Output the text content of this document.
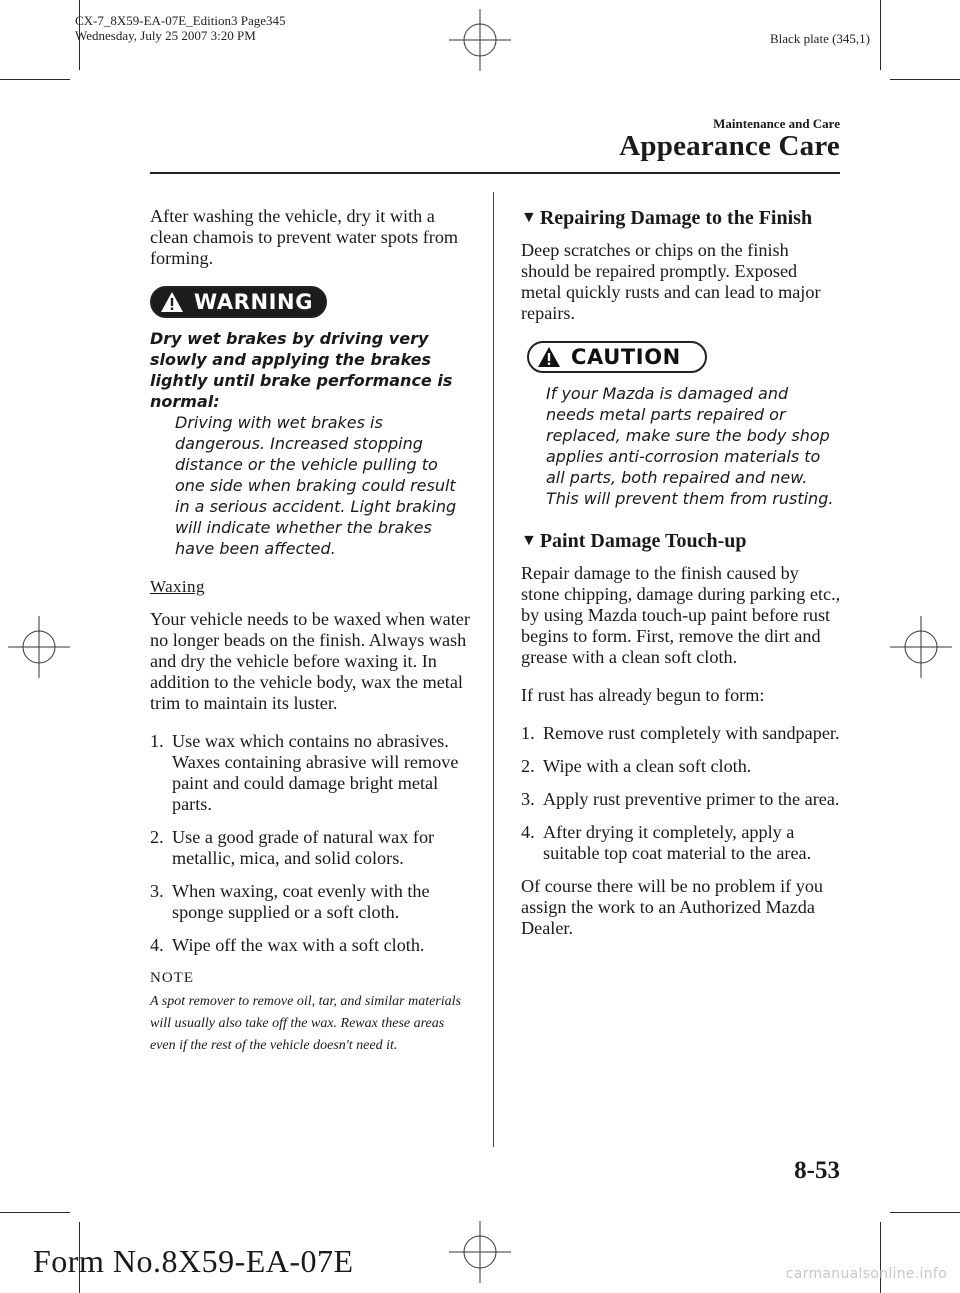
CX-7_8X59-EA-07E_Edition3 Page345
Wednesday, July 25 2007 3:20 PM	Black plate (345,1)
Maintenance and Care
Appearance Care

After washing the vehicle, dry it with a clean chamois to prevent water spots from forming.

WARNING

Dry wet brakes by driving very slowly and applying the brakes lightly until brake performance is normal:

Driving with wet brakes is dangerous. Increased stopping distance or the vehicle pulling to one side when braking could result in a serious accident. Light braking will indicate whether the brakes have been affected.

Waxing

Your vehicle needs to be waxed when water no longer beads on the finish. Always wash and dry the vehicle before waxing it. In addition to the vehicle body, wax the metal trim to maintain its luster.

1. Use wax which contains no abrasives. Waxes containing abrasive will remove paint and could damage bright metal parts.
2. Use a good grade of natural wax for metallic, mica, and solid colors.
3. When waxing, coat evenly with the sponge supplied or a soft cloth.
4. Wipe off the wax with a soft cloth.

NOTE

A spot remover to remove oil, tar, and similar materials will usually also take off the wax. Rewax these areas even if the rest of the vehicle doesn't need it.

▼ Repairing Damage to the Finish

Deep scratches or chips on the finish should be repaired promptly. Exposed metal quickly rusts and can lead to major repairs.

CAUTION

If your Mazda is damaged and needs metal parts repaired or replaced, make sure the body shop applies anti-corrosion materials to all parts, both repaired and new. This will prevent them from rusting.

▼ Paint Damage Touch-up

Repair damage to the finish caused by stone chipping, damage during parking etc., by using Mazda touch-up paint before rust begins to form. First, remove the dirt and grease with a clean soft cloth.

If rust has already begun to form:

1. Remove rust completely with sandpaper.
2. Wipe with a clean soft cloth.
3. Apply rust preventive primer to the area.
4. After drying it completely, apply a suitable top coat material to the area.

Of course there will be no problem if you assign the work to an Authorized Mazda Dealer.

8-53
Form No.8X59-EA-07E	carmanualsonline.info
